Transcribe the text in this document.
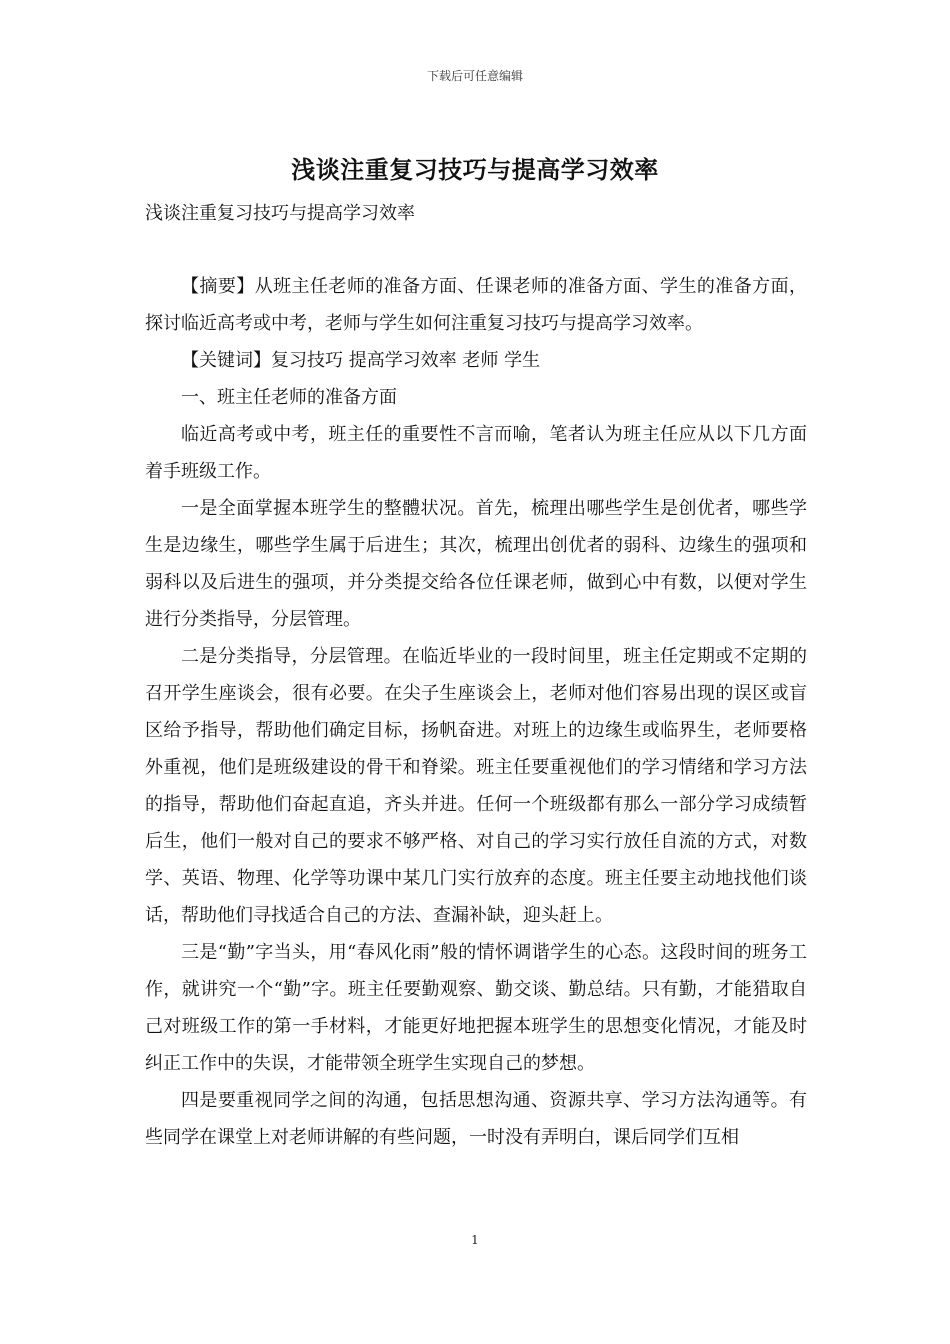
下载后可任意编辑
浅谈注重复习技巧与提高学习效率

浅谈注重复习技巧与提高学习效率

【摘要】从班主任老师的准备方面、任课老师的准备方面、学生的准备方面，探讨临近高考或中考，老师与学生如何注重复习技巧与提高学习效率。

【关键词】复习技巧 提高学习效率 老师 学生

一、班主任老师的准备方面

临近高考或中考，班主任的重要性不言而喻，笔者认为班主任应从以下几方面着手班级工作。

一是全面掌握本班学生的整體状况。首先，梳理出哪些学生是创优者，哪些学生是边缘生，哪些学生属于后进生；其次，梳理出创优者的弱科、边缘生的强项和弱科以及后进生的强项，并分类提交给各位任课老师，做到心中有数，以便对学生进行分类指导，分层管理。

二是分类指导，分层管理。在临近毕业的一段时间里，班主任定期或不定期的召开学生座谈会，很有必要。在尖子生座谈会上，老师对他们容易出现的误区或盲区给予指导，帮助他们确定目标，扬帆奋进。对班上的边缘生或临界生，老师要格外重视，他们是班级建设的骨干和脊梁。班主任要重视他们的学习情绪和学习方法的指导，帮助他们奋起直追，齐头并进。任何一个班级都有那么一部分学习成绩暂后生，他们一般对自己的要求不够严格、对自己的学习实行放任自流的方式，对数学、英语、物理、化学等功课中某几门实行放弃的态度。班主任要主动地找他们谈话，帮助他们寻找适合自己的方法、查漏补缺，迎头赶上。

三是“勤”字当头，用“春风化雨”般的情怀调谐学生的心态。这段时间的班务工作，就讲究一个“勤”字。班主任要勤观察、勤交谈、勤总结。只有勤，才能猎取自己对班级工作的第一手材料，才能更好地把握本班学生的思想变化情况，才能及时纠正工作中的失误，才能带领全班学生实现自己的梦想。

四是要重视同学之间的沟通，包括思想沟通、资源共享、学习方法沟通等。有些同学在课堂上对老师讲解的有些问题，一时没有弄明白，课后同学们互相

1
